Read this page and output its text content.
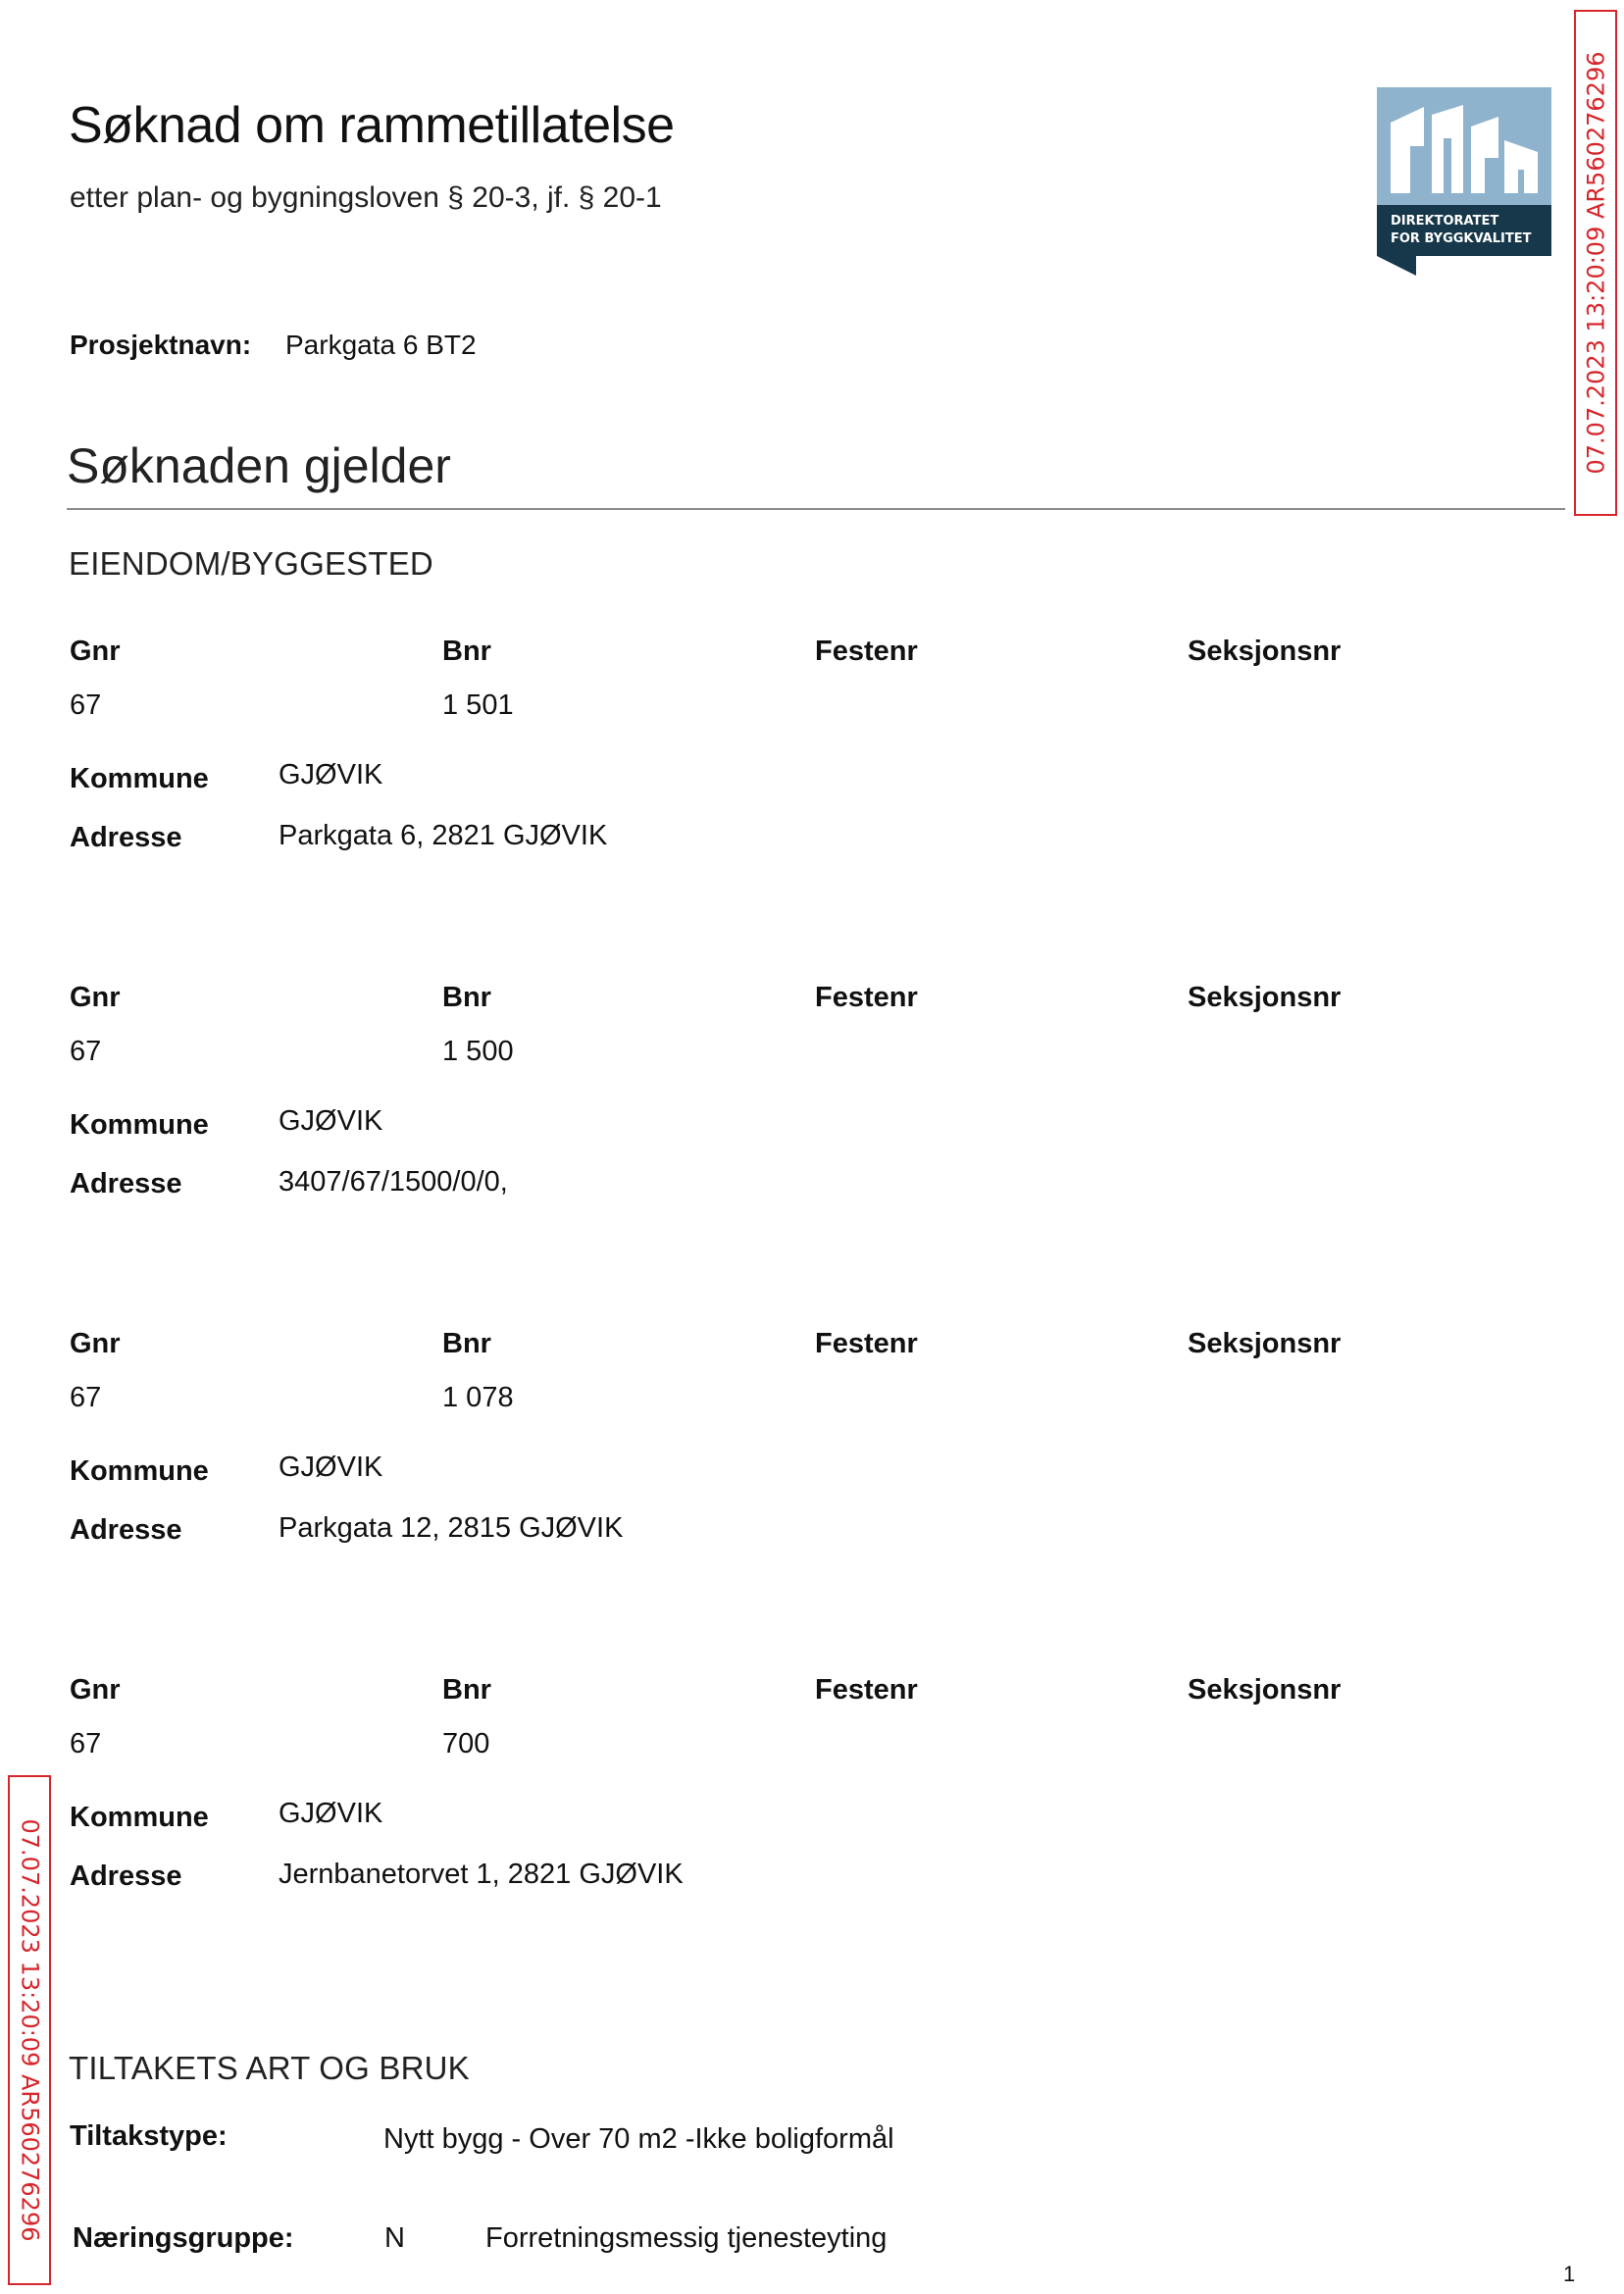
Søknad om rammetillatelse
etter plan- og bygningsloven § 20-3, jf. § 20-1
DIREKTORATET
FOR BYGGKVALITET 07.07.2023 13:20:09 AR560276296
07.07.2023 13:20:09 AR560276296
Prosjektnavn: Parkgata 6 BT2
Søknaden gjelder
EIENDOM/BYGGESTED
Gnr	Bnr	Festenr	Seksjonsnr
67	1 501
Kommune GJØVIK
Adresse	Parkgata 6, 2821 GJØVIK
Gnr	Bnr	Festenr	Seksjonsnr
67	1 500
Kommune GJØVIK
Adresse	3407/67/1500/0/0,
Gnr	Bnr	Festenr	Seksjonsnr
67	1 078
Kommune GJØVIK
Adresse	Parkgata 12, 2815 GJØVIK
Gnr	Bnr	Festenr	Seksjonsnr
67	700
Kommune GJØVIK
Adresse	Jernbanetorvet 1, 2821 GJØVIK
TILTAKETS ART OG BRUK
Tiltakstype:	Nytt bygg - Over 70 m2 -Ikke boligformål
Næringsgruppe:	N	Forretningsmessig tjenesteyting
1
